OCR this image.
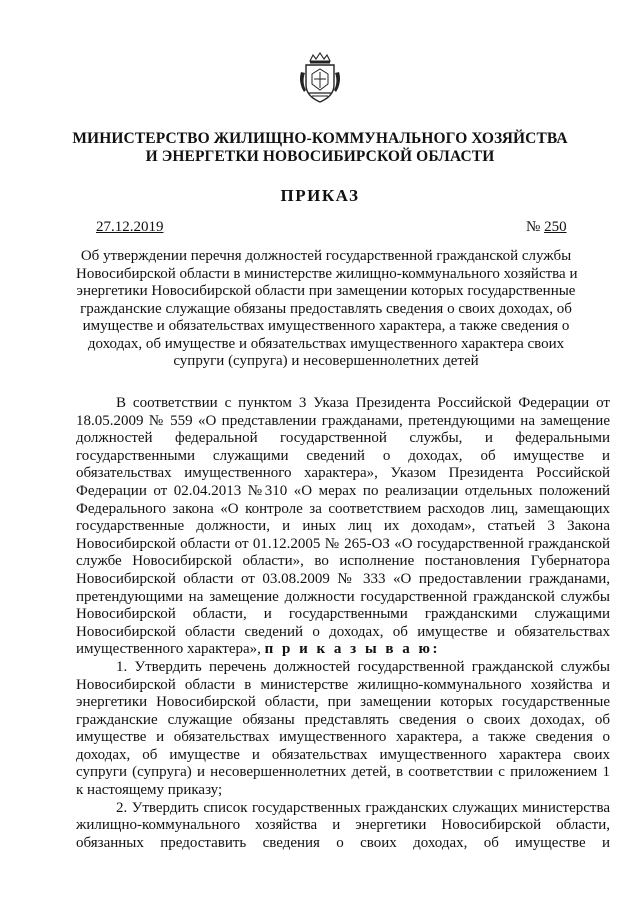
МИНИСТЕРСТВО ЖИЛИЩНО-КОММУНАЛЬНОГО ХОЗЯЙСТВА
И ЭНЕРГЕТКИ НОВОСИБИРСКОЙ ОБЛАСТИ
ПРИКАЗ
27.12.2019	№ 250
Об утверждении перечня должностей государственной гражданской службы
Новосибирской области в министерстве жилищно-коммунального хозяйства и
энергетики Новосибирской области при замещении которых государственные
гражданские служащие обязаны предоставлять сведения о своих доходах, об
имуществе и обязательствах имущественного характера, а также сведения о
доходах, об имуществе и обязательствах имущественного характера своих
супруги (супруга) и несовершеннолетних детей
В соответствии с пунктом 3 Указа Президента Российской Федерации от
18.05.2009 № 559 «О представлении гражданами, претендующими на замещение
должностей федеральной государственной службы, и федеральными
государственными служащими сведений о доходах, об имуществе и
обязательствах имущественного характера», Указом Президента Российской
Федерации от 02.04.2013 №310 «О мерах по реализации отдельных положений
Федерального закона «О контроле за соответствием расходов лиц, замещающих
государственные должности, и иных лиц их доходам», статьей 3 Закона
Новосибирской области от 01.12.2005 № 265-ОЗ «О государственной гражданской
службе Новосибирской области», во исполнение постановления Губернатора
Новосибирской области от 03.08.2009 № 333 «О предоставлении гражданами,
претендующими на замещение должности государственной гражданской службы
Новосибирской области, и государственными гражданскими служащими
Новосибирской области сведений о доходах, об имуществе и обязательствах
имущественного характера», п р и к а з ы в а ю:
1. Утвердить перечень должностей государственной гражданской службы
Новосибирской области в министерстве жилищно-коммунального хозяйства и
энергетики Новосибирской области, при замещении которых государственные
гражданские служащие обязаны представлять сведения о своих доходах, об
имуществе и обязательствах имущественного характера, а также сведения о
доходах, об имуществе и обязательствах имущественного характера своих
супруги (супруга) и несовершеннолетних детей, в соответствии с приложением 1
к настоящему приказу;
2. Утвердить список государственных гражданских служащих министерства
жилищно-коммунального хозяйства и энергетики Новосибирской области,
обязанных предоставить сведения о своих доходах, об имуществе и
